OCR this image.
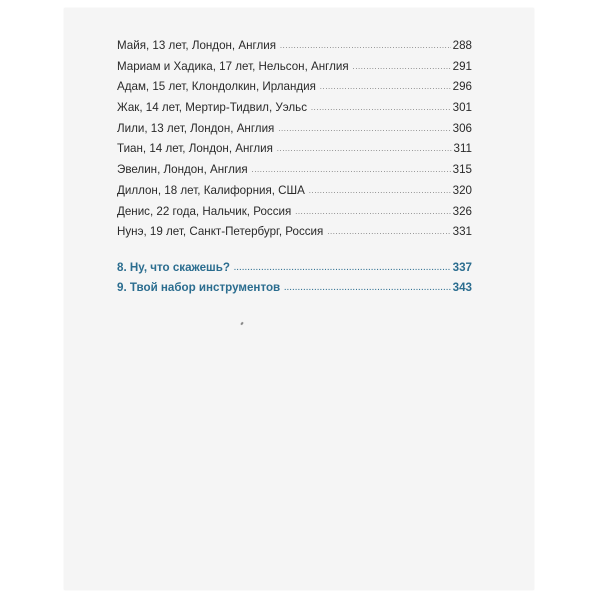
Майя, 13 лет, Лондон, Англия .....	288
Мариам и Хадика, 17 лет, Нельсон, Англия .....	291
Адам, 15 лет, Клондолкин, Ирландия .....	296
Жак, 14 лет, Мертир-Тидвил, Уэльс .....	301
Лили, 13 лет, Лондон, Англия .....	306
Тиан, 14 лет, Лондон, Англия .....	311
Эвелин, Лондон, Англия .....	315
Диллон, 18 лет, Калифорния, США .....	320
Денис, 22 года, Нальчик, Россия .....	326
Нунэ, 19 лет, Санкт-Петербург, Россия .....	331
8. Ну, что скажешь? .....	337
9. Твой набор инструментов .....	343
